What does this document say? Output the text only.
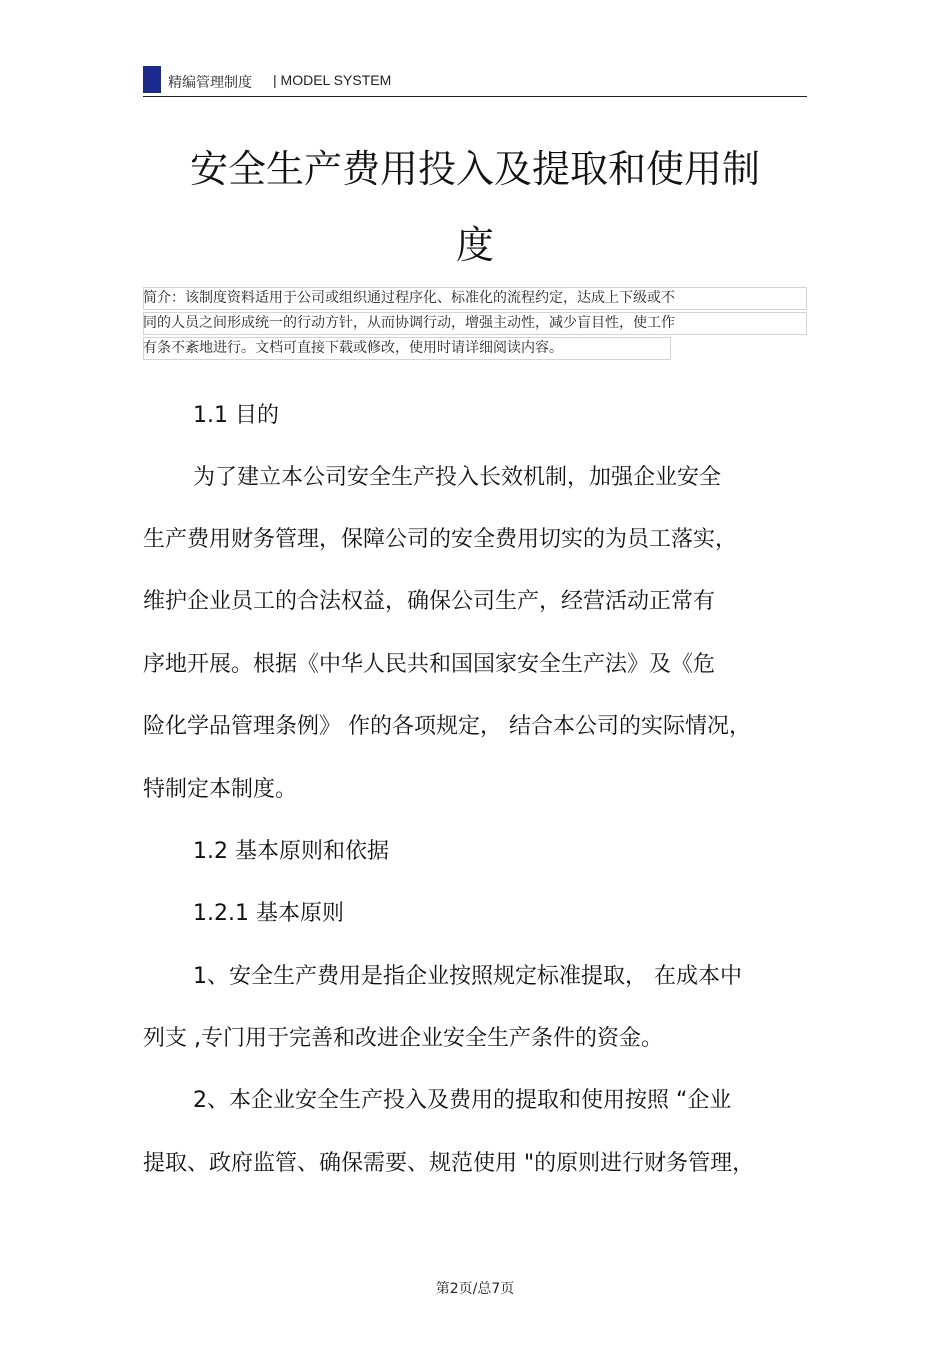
精编管理制度 | MODEL SYSTEM
安全生产费用投入及提取和使用制
度
简介：该制度资料适用于公司或组织通过程序化、标准化的流程约定，达成上下级或不
同的人员之间形成统一的行动方针，从而协调行动，增强主动性，减少盲目性，使工作
有条不紊地进行。文档可直接下载或修改，使用时请详细阅读内容。
1.1 目的
为了建立本公司安全生产投入长效机制，加强企业安全
生产费用财务管理，保障公司的安全费用切实的为员工落实，
维护企业员工的合法权益，确保公司生产，经营活动正常有
序地开展。根据《中华人民共和国国家安全生产法》及《危
险化学品管理条例》 作的各项规定， 结合本公司的实际情况，
特制定本制度。
1.2 基本原则和依据
1.2.1 基本原则
1、安全生产费用是指企业按照规定标准提取， 在成本中
列支 ,专门用于完善和改进企业安全生产条件的资金。
2、本企业安全生产投入及费用的提取和使用按照 “企业
提取、政府监管、确保需要、规范使用 "的原则进行财务管理，
第2页/总7页
